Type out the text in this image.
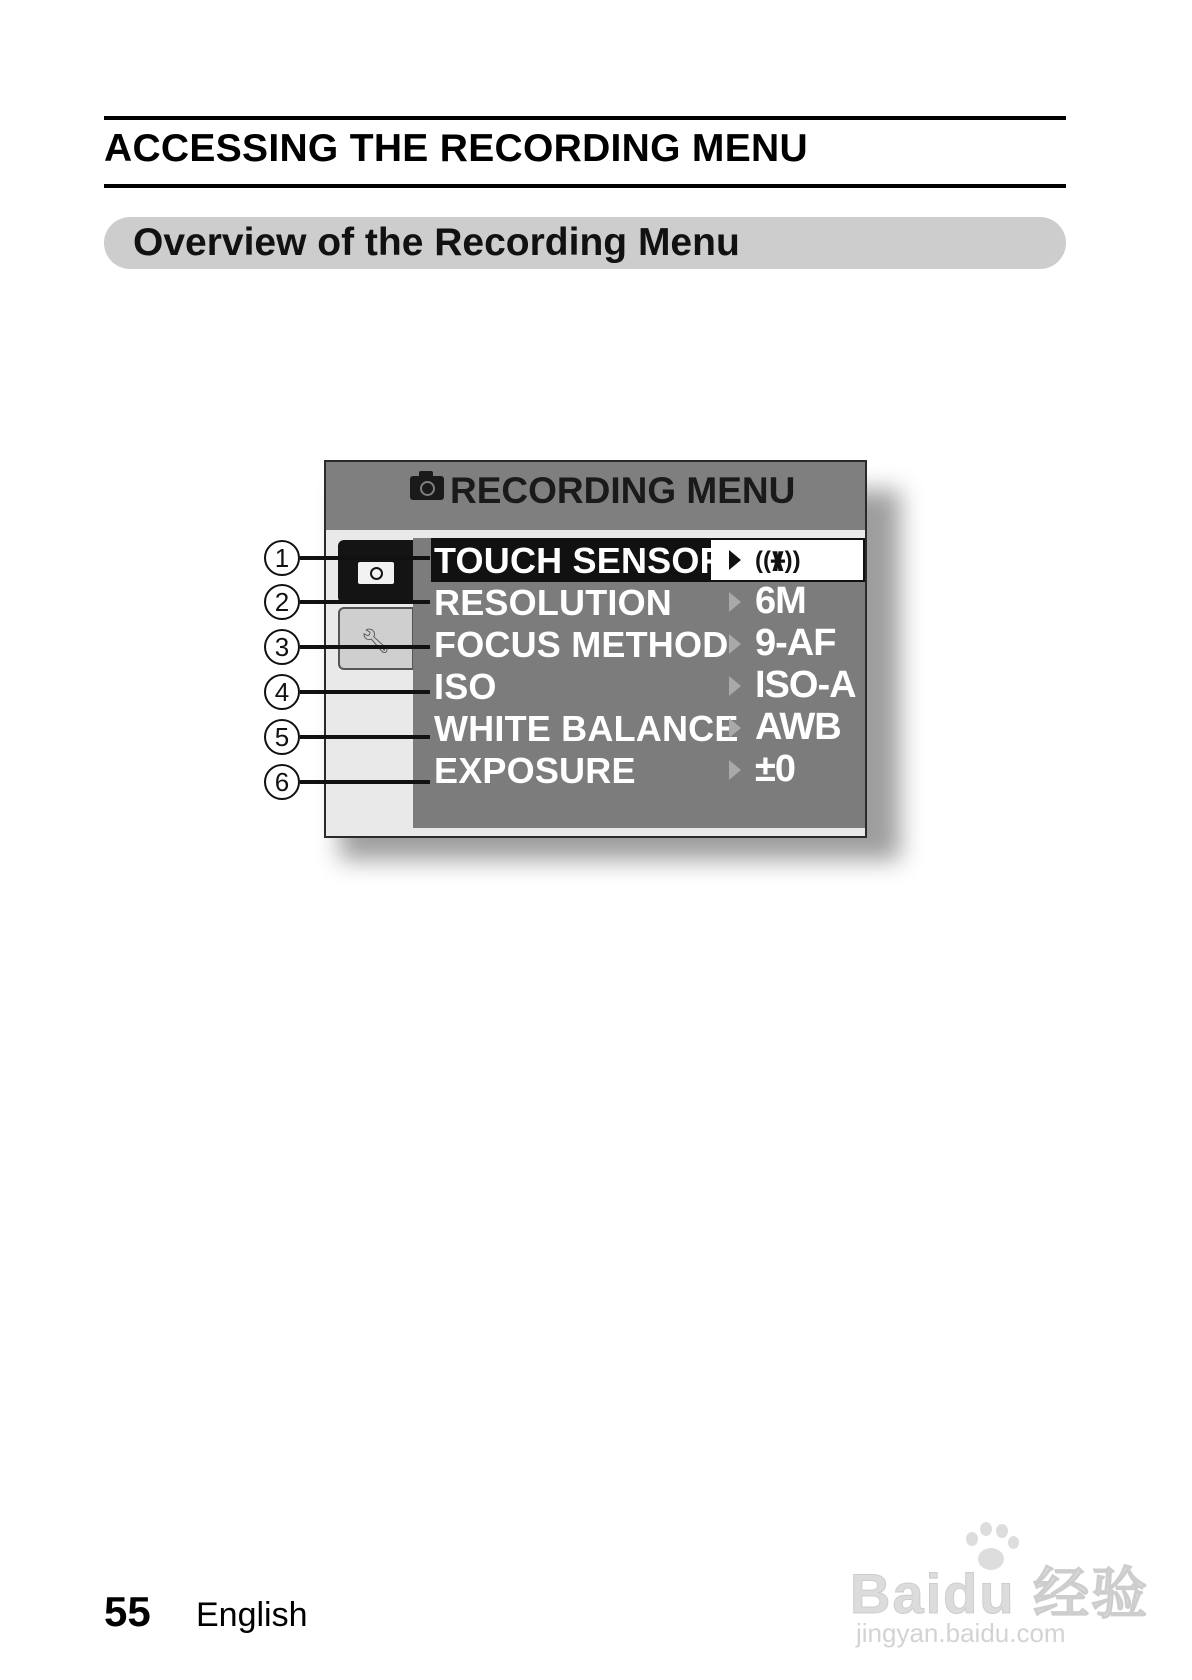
ACCESSING THE RECORDING MENU
Overview of the Recording Menu
RECORDING MENU
🔧︎
TOUCH SENSOR ((ᚕ))
RESOLUTION 6M
FOCUS METHOD 9-AF
ISO	ISO-A
WHITE BALANCE AWB
EXPOSURE	±0
1
2
3
4
5
6
55 English	Baidu 经验
jingyan.baidu.com
